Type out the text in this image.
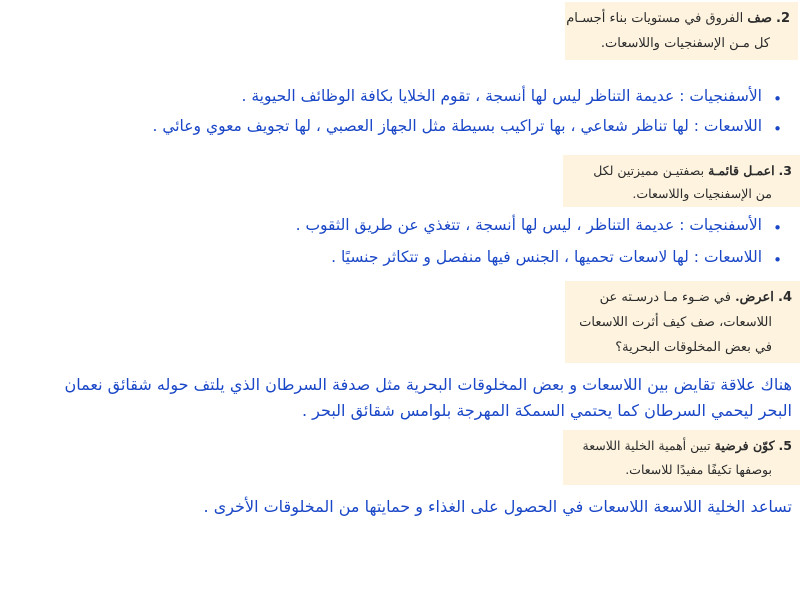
2. صف الفروق في مستويات بناء أجسـام
كل مـن الإسفنجيات واللاسعات.
•
الأسفنجيات : عديمة التناظر ليس لها أنسجة ، تقوم الخلايا بكافة الوظائف الحيوية .
•
اللاسعات : لها تناظر شعاعي ، بها تراكيب بسيطة مثل الجهاز العصبي ، لها تجويف معوي وعائي .
3. اعمـل قائمـة بصفتيـن مميزتين لكل
من الإسفنجيات واللاسعات.
•
الأسفنجيات : عديمة التناظر ، ليس لها أنسجة ، تتغذي عن طريق الثقوب .
•
اللاسعات : لها لاسعات تحميها ، الجنس فيها منفصل و تتكاثر جنسيًا .
4. اعرض. في ضـوء مـا درسـته عن
اللاسعات، صف كيف أثرت اللاسعات
في بعض المخلوقات البحرية؟
هناك علاقة تقايض بين اللاسعات و بعض المخلوقات البحرية مثل صدفة السرطان الذي يلتف حوله شقائق نعمان البحر ليحمي السرطان كما يحتمي السمكة المهرجة بلوامس شقائق البحر .
5. كوّن فرضية تبين أهمية الخلية اللاسعة
بوصفها تكيفًا مفيدًا للاسعات.
تساعد الخلية اللاسعة اللاسعات في الحصول على الغذاء و حمايتها من المخلوقات الأخرى .
